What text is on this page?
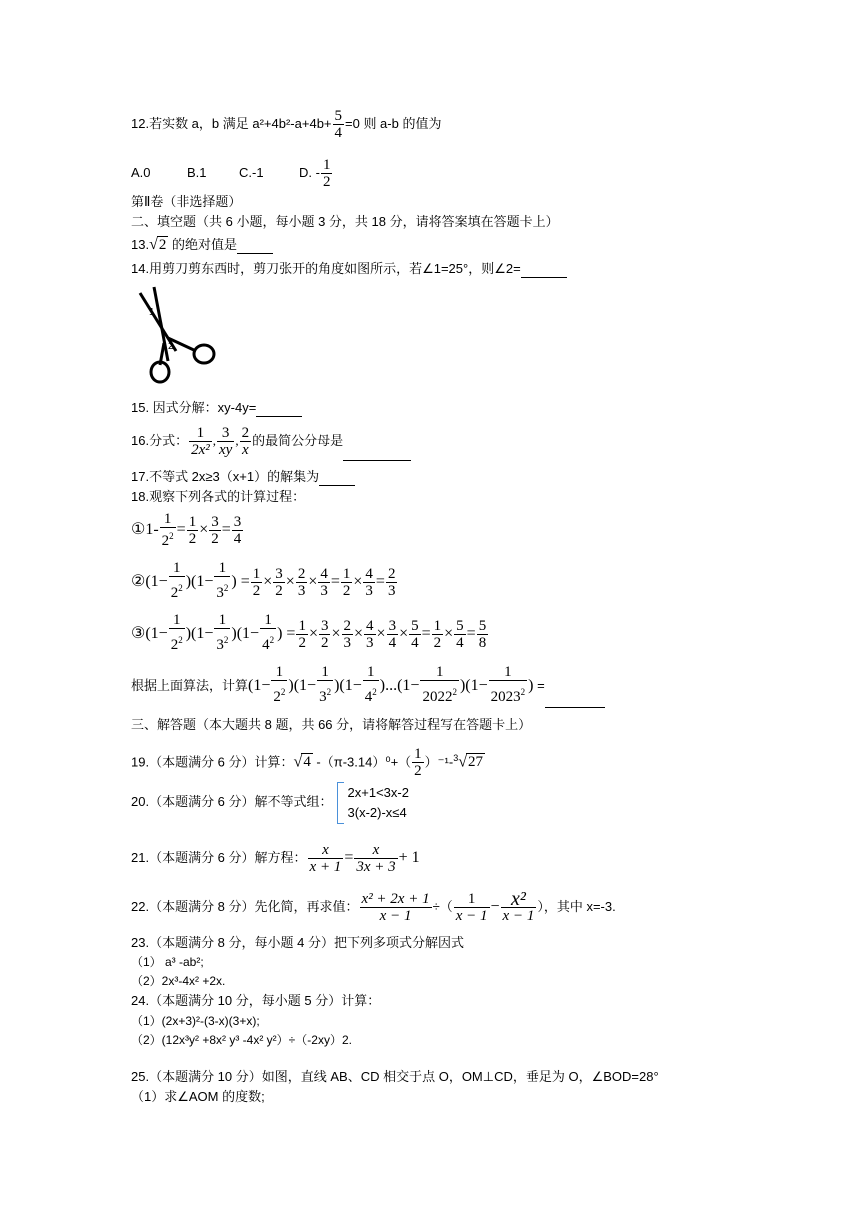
12.若实数 a，b 满足 $a^2+4b^2-a+4b+ \frac{5}{4} =0$ 则 a-b 的值为
A.0	B.1 C.-1	D. - $\frac{1}{2}$
第Ⅱ卷（非选择题）
二、填空题（共 6 小题，每小题 3 分，共 18 分，请将答案填在答题卡上）
13.√2 的绝对值是
14.用剪刀剪东西时，剪刀张开的角度如图所示，若∠1=25°，则∠2=
1
2
15. 因式分解：xy-4y=
16.分式： $\frac{1}{\text{2x²}}$ , $\frac{3}{xy}$ , $\frac{2}{x}$ 的最简公分母是
17.不等式 2x≥3（x+1）的解集为
18.观察下列各式的计算过程：
①1- $\frac{1}{2^2} = \frac{1}{2} \times \frac{3}{2} = \frac{3}{4}$
②(1− $\frac{1}{2^2} )(1- \frac{1}{3^2}$ ) = $\frac{1}{2} \times \frac{3}{2} \times \frac{2}{3} \times \frac{4}{3} = \frac{1}{2} \times \frac{4}{3} = \frac{2}{3}$
③(1− $\frac{1}{2^2} )(1- \frac{1}{3^2} )(1- \frac{1}{4^2}$ ) = $\frac{1}{2} \times \frac{3}{2} \times \frac{2}{3} \times \frac{4}{3} \times \frac{3}{4} \times \frac{5}{4} = \frac{1}{2} \times \frac{5}{4} = \frac{5}{8}$
根据上面算法，计算$(1- \frac{1}{2^2} )(1- \frac{1}{3^2} )(1- \frac{1}{4^2} )...(1- \frac{1}{2022^2} )(1- \frac{1}{2023^2}$ ) =
三、解答题（本大题共 8 题，共 66 分，请将解答过程写在答题卡上）
19.（本题满分 6 分）计算：√4 $-(\pi-3.14)^0+( \frac{1}{2} )^{-1}-^3√27$
20.（本题满分 6 分）解不等式组：
2x+1<3x-2
3(x-2)-x≤4
21.（本题满分 6 分）解方程： $\frac{x}{x + 1} = \frac{x}{3x + 3} + 1$
22.（本题满分 8 分）先化简，再求值： $\frac{\text{x² + 2x + 1}}{x - 1}$ ÷（ $\frac{1}{x - 1} - \frac{\text{x²}}{x - 1}$ ），其中 x=-3.
23.（本题满分 8 分，每小题 4 分）把下列多项式分解因式
（1） a³ -ab²;
（2）2x³-4x² +2x.
24.（本题满分 10 分，每小题 5 分）计算：
（1）(2x+3)²-(3-x)(3+x);
（2）(12x³y² +8x² y³ -4x² y²）÷（-2xy）2.
25.（本题满分 10 分）如图，直线 AB、CD 相交于点 O，OM⊥CD，垂足为 O，∠BOD=28°
（1）求∠AOM 的度数;
